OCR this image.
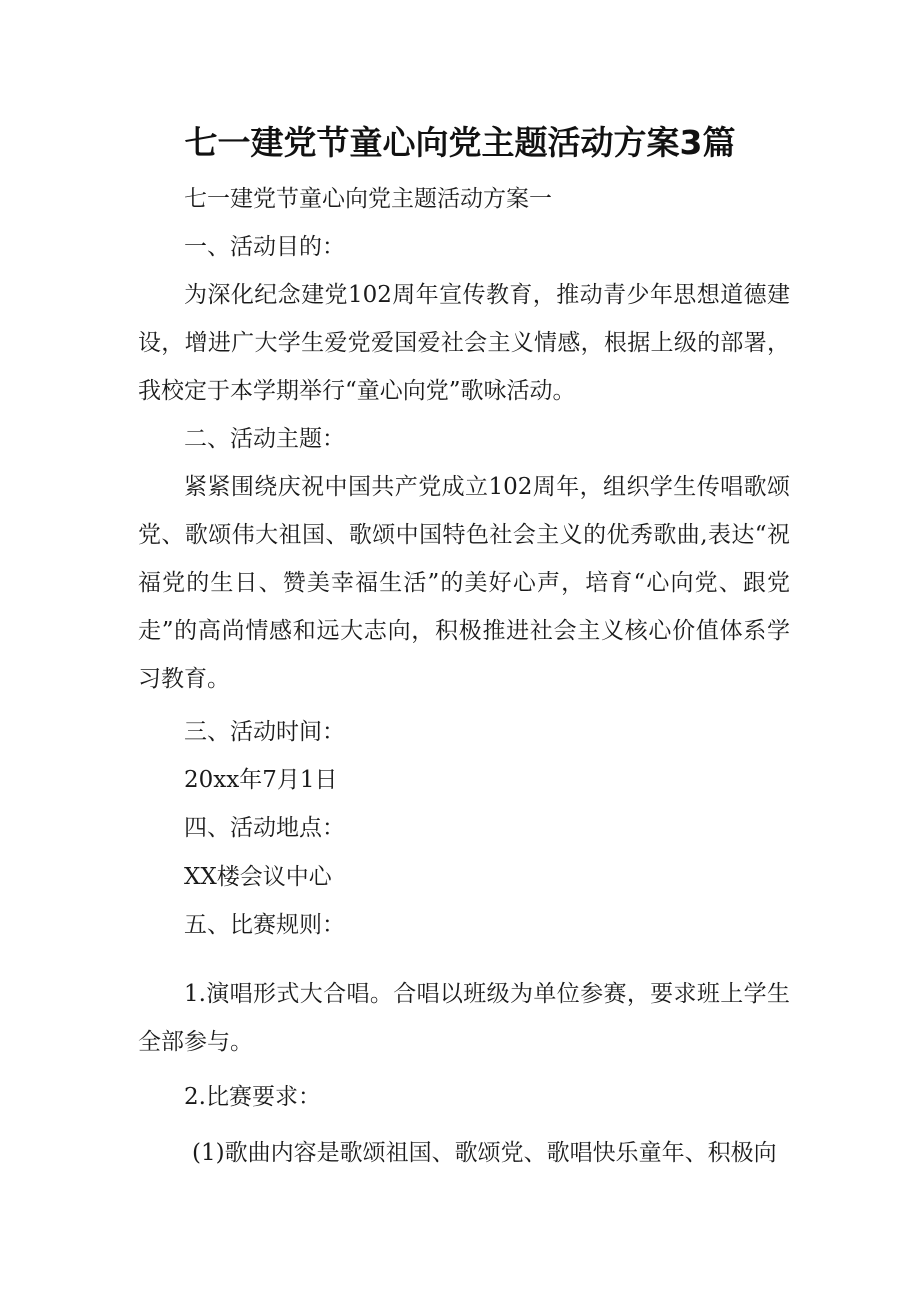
七一建党节童心向党主题活动方案3篇
七一建党节童心向党主题活动方案一
一、活动目的：
为深化纪念建党102周年宣传教育，推动青少年思想道德建设，增进广大学生爱党爱国爱社会主义情感，根据上级的部署，我校定于本学期举行“童心向党”歌咏活动。
二、活动主题：
紧紧围绕庆祝中国共产党成立102周年，组织学生传唱歌颂党、歌颂伟大祖国、歌颂中国特色社会主义的优秀歌曲,表达“祝福党的生日、赞美幸福生活”的美好心声，培育“心向党、跟党走”的高尚情感和远大志向，积极推进社会主义核心价值体系学习教育。
三、活动时间：
20xx年7月1日
四、活动地点：
XX楼会议中心
五、比赛规则：
1.演唱形式大合唱。合唱以班级为单位参赛，要求班上学生全部参与。
2.比赛要求：
(1)歌曲内容是歌颂祖国、歌颂党、歌唱快乐童年、积极向
